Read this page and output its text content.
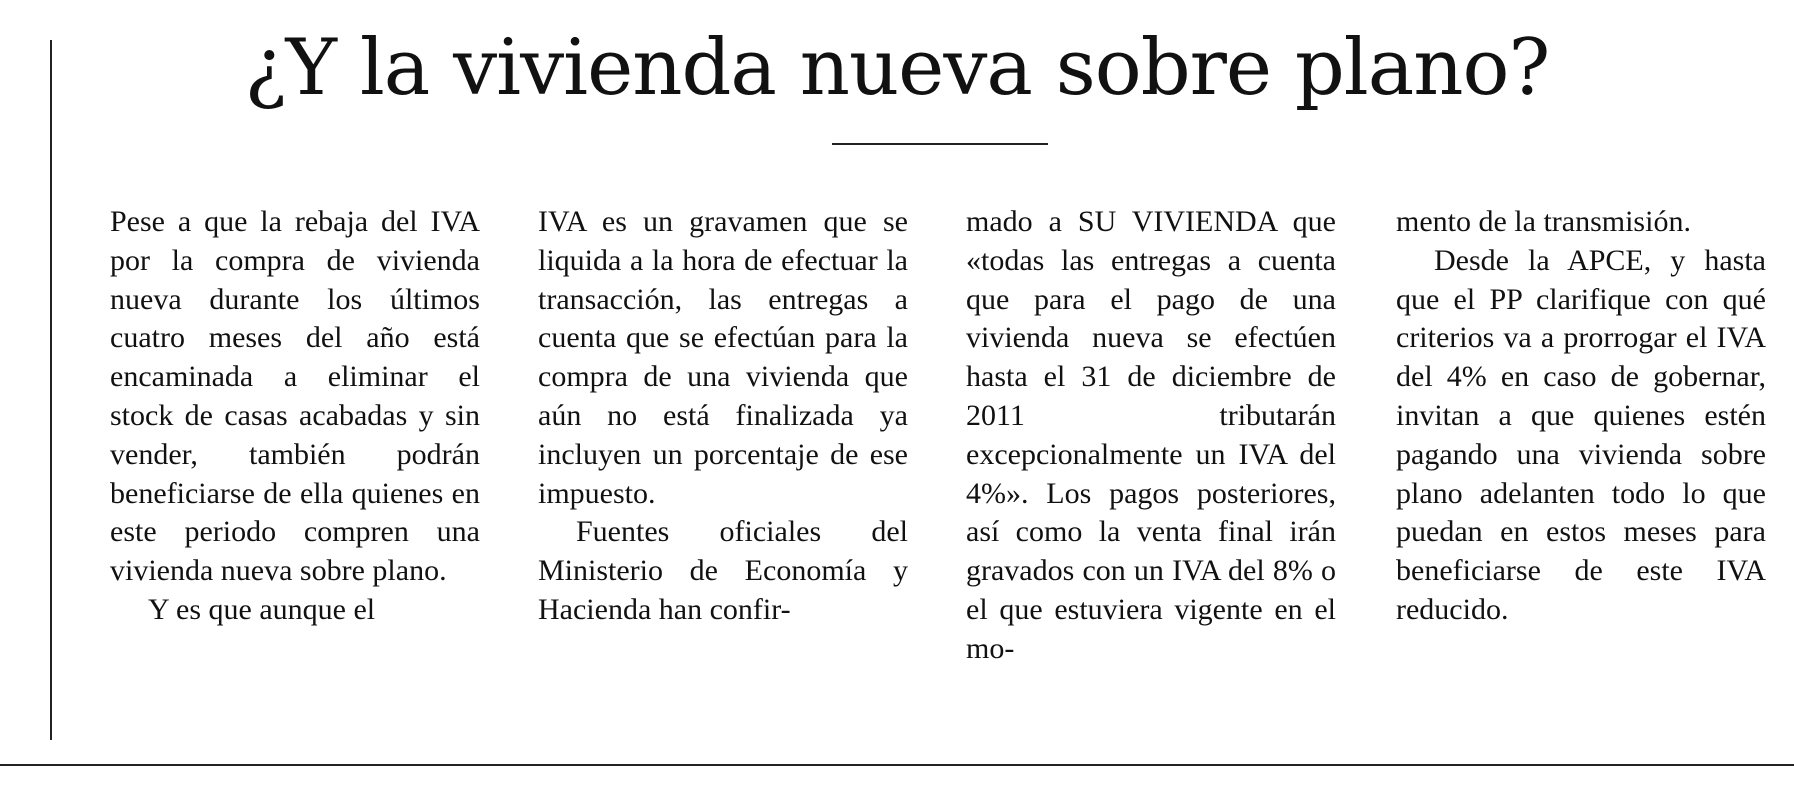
¿Y la vivienda nueva sobre plano?

Pese a que la rebaja del IVA por la compra de vivienda nueva durante los últimos cuatro meses del año está encaminada a eliminar el stock de casas acabadas y sin vender, también podrán beneficiarse de ella quienes en este periodo compren una vivienda nueva sobre plano.

Y es que aunque el

IVA es un gravamen que se liquida a la hora de efectuar la transacción, las entregas a cuenta que se efectúan para la compra de una vivienda que aún no está finalizada ya incluyen un porcentaje de ese impuesto.

Fuentes oficiales del Ministerio de Economía y Hacienda han confir-

mado a SU VIVIENDA que «todas las entregas a cuenta que para el pago de una vivienda nueva se efectúen hasta el 31 de diciembre de 2011 tributarán excepcionalmente un IVA del 4%». Los pagos posteriores, así como la venta final irán gravados con un IVA del 8% o el que estuviera vigente en el mo-

mento de la transmisión.

Desde la APCE, y hasta que el PP clarifique con qué criterios va a prorrogar el IVA del 4% en caso de gobernar, invitan a que quienes estén pagando una vivienda sobre plano adelanten todo lo que puedan en estos meses para beneficiarse de este IVA reducido.
